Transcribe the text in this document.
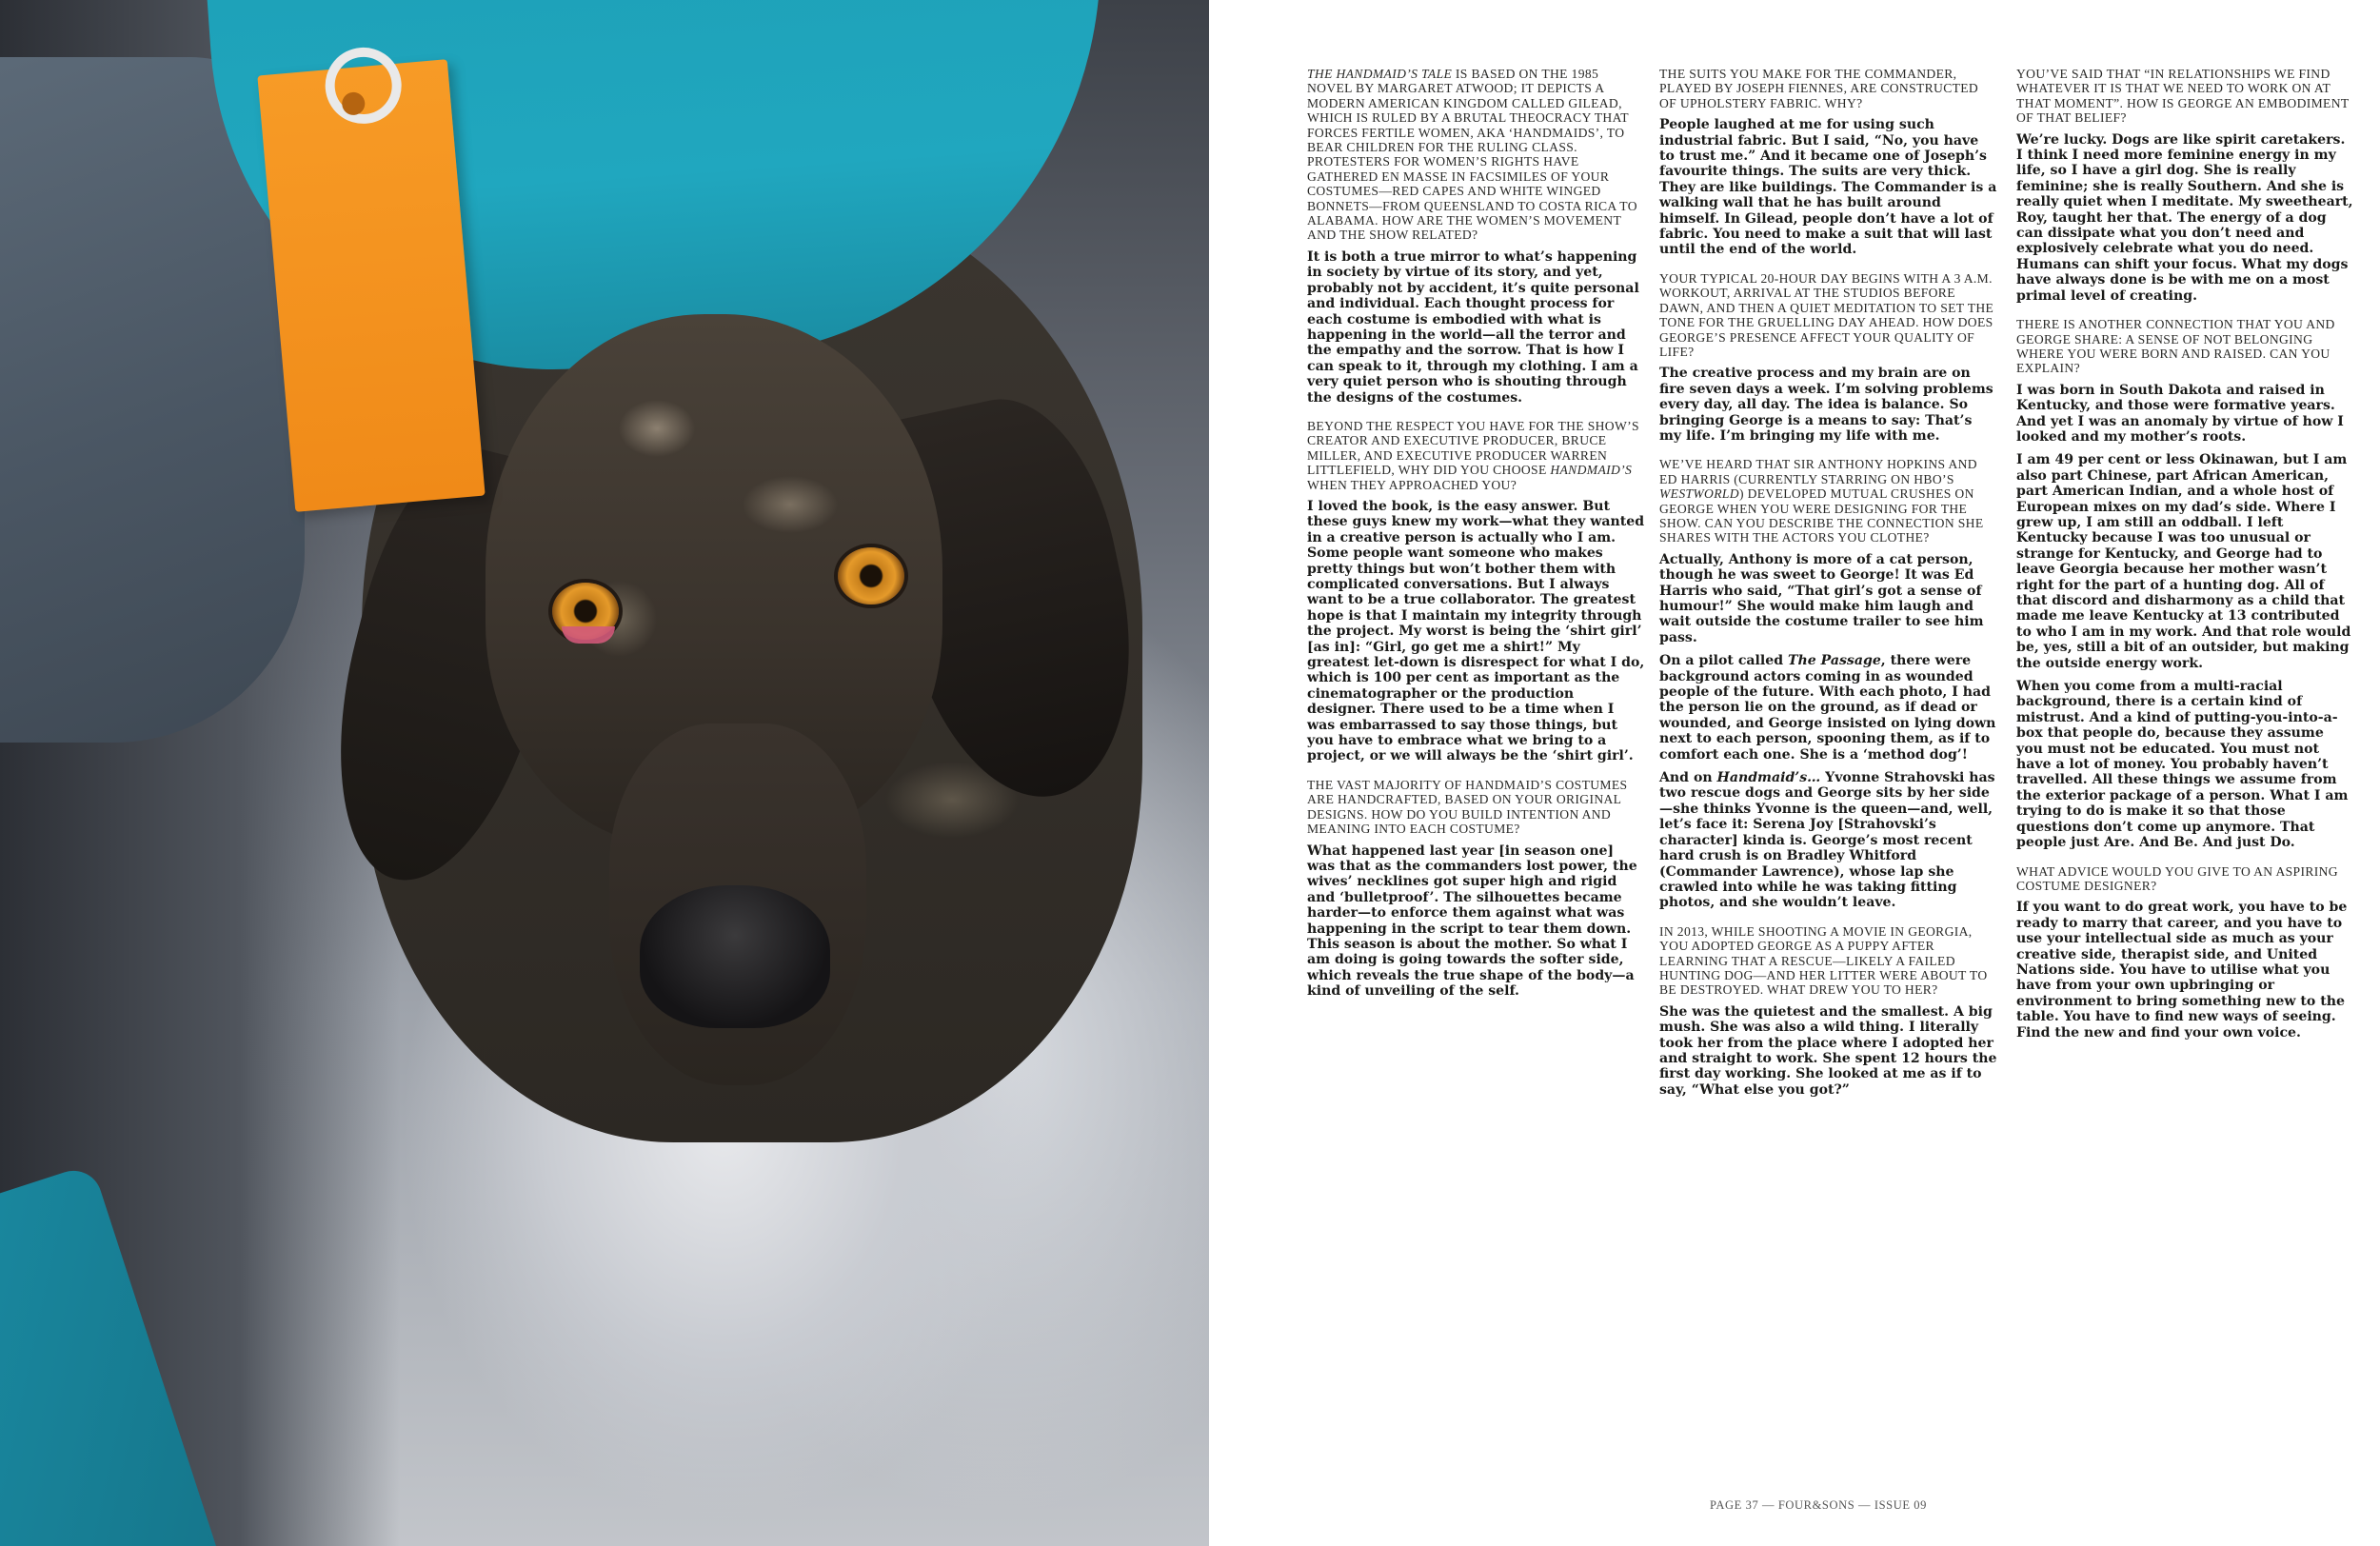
THE HANDMAID’S TALE IS BASED ON THE 1985 NOVEL BY MARGARET ATWOOD; IT DEPICTS A MODERN AMERICAN KINGDOM CALLED GILEAD, WHICH IS RULED BY A BRUTAL THEOCRACY THAT FORCES FERTILE WOMEN, AKA ‘HANDMAIDS’, TO BEAR CHILDREN FOR THE RULING CLASS. PROTESTERS FOR WOMEN’S RIGHTS HAVE GATHERED EN MASSE IN FACSIMILES OF YOUR COSTUMES—RED CAPES AND WHITE WINGED BONNETS—FROM QUEENSLAND TO COSTA RICA TO ALABAMA. HOW ARE THE WOMEN’S MOVEMENT AND THE SHOW RELATED?

It is both a true mirror to what’s happening in society by virtue of its story, and yet, probably not by accident, it’s quite personal and individual. Each thought process for each costume is embodied with what is happening in the world—all the terror and the empathy and the sorrow. That is how I can speak to it, through my clothing. I am a very quiet person who is shouting through the designs of the costumes.

BEYOND THE RESPECT YOU HAVE FOR THE SHOW’S CREATOR AND EXECUTIVE PRODUCER, BRUCE MILLER, AND EXECUTIVE PRODUCER WARREN LITTLEFIELD, WHY DID YOU CHOOSE HANDMAID’S WHEN THEY APPROACHED YOU?

I loved the book, is the easy answer. But these guys knew my work—what they wanted in a creative person is actually who I am. Some people want someone who makes pretty things but won’t bother them with complicated conversations. But I always want to be a true collaborator. The greatest hope is that I maintain my integrity through the project. My worst is being the ‘shirt girl’ [as in]: “Girl, go get me a shirt!” My greatest let-down is disrespect for what I do, which is 100 per cent as important as the cinematographer or the production designer. There used to be a time when I was embarrassed to say those things, but you have to embrace what we bring to a project, or we will always be the ‘shirt girl’.

THE VAST MAJORITY OF HANDMAID’S COSTUMES ARE HANDCRAFTED, BASED ON YOUR ORIGINAL DESIGNS. HOW DO YOU BUILD INTENTION AND MEANING INTO EACH COSTUME?

What happened last year [in season one] was that as the commanders lost power, the wives’ necklines got super high and rigid and ‘bulletproof’. The silhouettes became harder—to enforce them against what was happening in the script to tear them down. This season is about the mother. So what I am doing is going towards the softer side, which reveals the true shape of the body—a kind of unveiling of the self.

THE SUITS YOU MAKE FOR THE COMMANDER, PLAYED BY JOSEPH FIENNES, ARE CONSTRUCTED OF UPHOLSTERY FABRIC. WHY?

People laughed at me for using such industrial fabric. But I said, “No, you have to trust me.” And it became one of Joseph’s favourite things. The suits are very thick. They are like buildings. The Commander is a walking wall that he has built around himself. In Gilead, people don’t have a lot of fabric. You need to make a suit that will last until the end of the world.

YOUR TYPICAL 20-HOUR DAY BEGINS WITH A 3 A.M. WORKOUT, ARRIVAL AT THE STUDIOS BEFORE DAWN, AND THEN A QUIET MEDITATION TO SET THE TONE FOR THE GRUELLING DAY AHEAD. HOW DOES GEORGE’S PRESENCE AFFECT YOUR QUALITY OF LIFE?

The creative process and my brain are on fire seven days a week. I’m solving problems every day, all day. The idea is balance. So bringing George is a means to say: That’s my life. I’m bringing my life with me.

WE’VE HEARD THAT SIR ANTHONY HOPKINS AND ED HARRIS (CURRENTLY STARRING ON HBO’S WESTWORLD) DEVELOPED MUTUAL CRUSHES ON GEORGE WHEN YOU WERE DESIGNING FOR THE SHOW. CAN YOU DESCRIBE THE CONNECTION SHE SHARES WITH THE ACTORS YOU CLOTHE?

Actually, Anthony is more of a cat person, though he was sweet to George! It was Ed Harris who said, “That girl’s got a sense of humour!” She would make him laugh and wait outside the costume trailer to see him pass.

On a pilot called The Passage, there were background actors coming in as wounded people of the future. With each photo, I had the person lie on the ground, as if dead or wounded, and George insisted on lying down next to each person, spooning them, as if to comfort each one. She is a ‘method dog’!

And on Handmaid’s… Yvonne Strahovski has two rescue dogs and George sits by her side—she thinks Yvonne is the queen—and, well, let’s face it: Serena Joy [Strahovski’s character] kinda is. George’s most recent hard crush is on Bradley Whitford (Commander Lawrence), whose lap she crawled into while he was taking fitting photos, and she wouldn’t leave.

IN 2013, WHILE SHOOTING A MOVIE IN GEORGIA, YOU ADOPTED GEORGE AS A PUPPY AFTER LEARNING THAT A RESCUE—LIKELY A FAILED HUNTING DOG—AND HER LITTER WERE ABOUT TO BE DESTROYED. WHAT DREW YOU TO HER?

She was the quietest and the smallest. A big mush. She was also a wild thing. I literally took her from the place where I adopted her and straight to work. She spent 12 hours the first day working. She looked at me as if to say, “What else you got?”

YOU’VE SAID THAT “IN RELATIONSHIPS WE FIND WHATEVER IT IS THAT WE NEED TO WORK ON AT THAT MOMENT”. HOW IS GEORGE AN EMBODIMENT OF THAT BELIEF?

We’re lucky. Dogs are like spirit caretakers. I think I need more feminine energy in my life, so I have a girl dog. She is really feminine; she is really Southern. And she is really quiet when I meditate. My sweetheart, Roy, taught her that. The energy of a dog can dissipate what you don’t need and explosively celebrate what you do need. Humans can shift your focus. What my dogs have always done is be with me on a most primal level of creating.

THERE IS ANOTHER CONNECTION THAT YOU AND GEORGE SHARE: A SENSE OF NOT BELONGING WHERE YOU WERE BORN AND RAISED. CAN YOU EXPLAIN?

I was born in South Dakota and raised in Kentucky, and those were formative years. And yet I was an anomaly by virtue of how I looked and my mother’s roots.

I am 49 per cent or less Okinawan, but I am also part Chinese, part African American, part American Indian, and a whole host of European mixes on my dad’s side. Where I grew up, I am still an oddball. I left Kentucky because I was too unusual or strange for Kentucky, and George had to leave Georgia because her mother wasn’t right for the part of a hunting dog. All of that discord and disharmony as a child that made me leave Kentucky at 13 contributed to who I am in my work. And that role would be, yes, still a bit of an outsider, but making the outside energy work.

When you come from a multi-racial background, there is a certain kind of mistrust. And a kind of putting-you-into-a-box that people do, because they assume you must not be educated. You must not have a lot of money. You probably haven’t travelled. All these things we assume from the exterior package of a person. What I am trying to do is make it so that those questions don’t come up anymore. That people just Are. And Be. And just Do.

WHAT ADVICE WOULD YOU GIVE TO AN ASPIRING COSTUME DESIGNER?

If you want to do great work, you have to be ready to marry that career, and you have to use your intellectual side as much as your creative side, therapist side, and United Nations side. You have to utilise what you have from your own upbringing or environment to bring something new to the table. You have to find new ways of seeing. Find the new and find your own voice.

PAGE 37 — FOUR&SONS — ISSUE 09
